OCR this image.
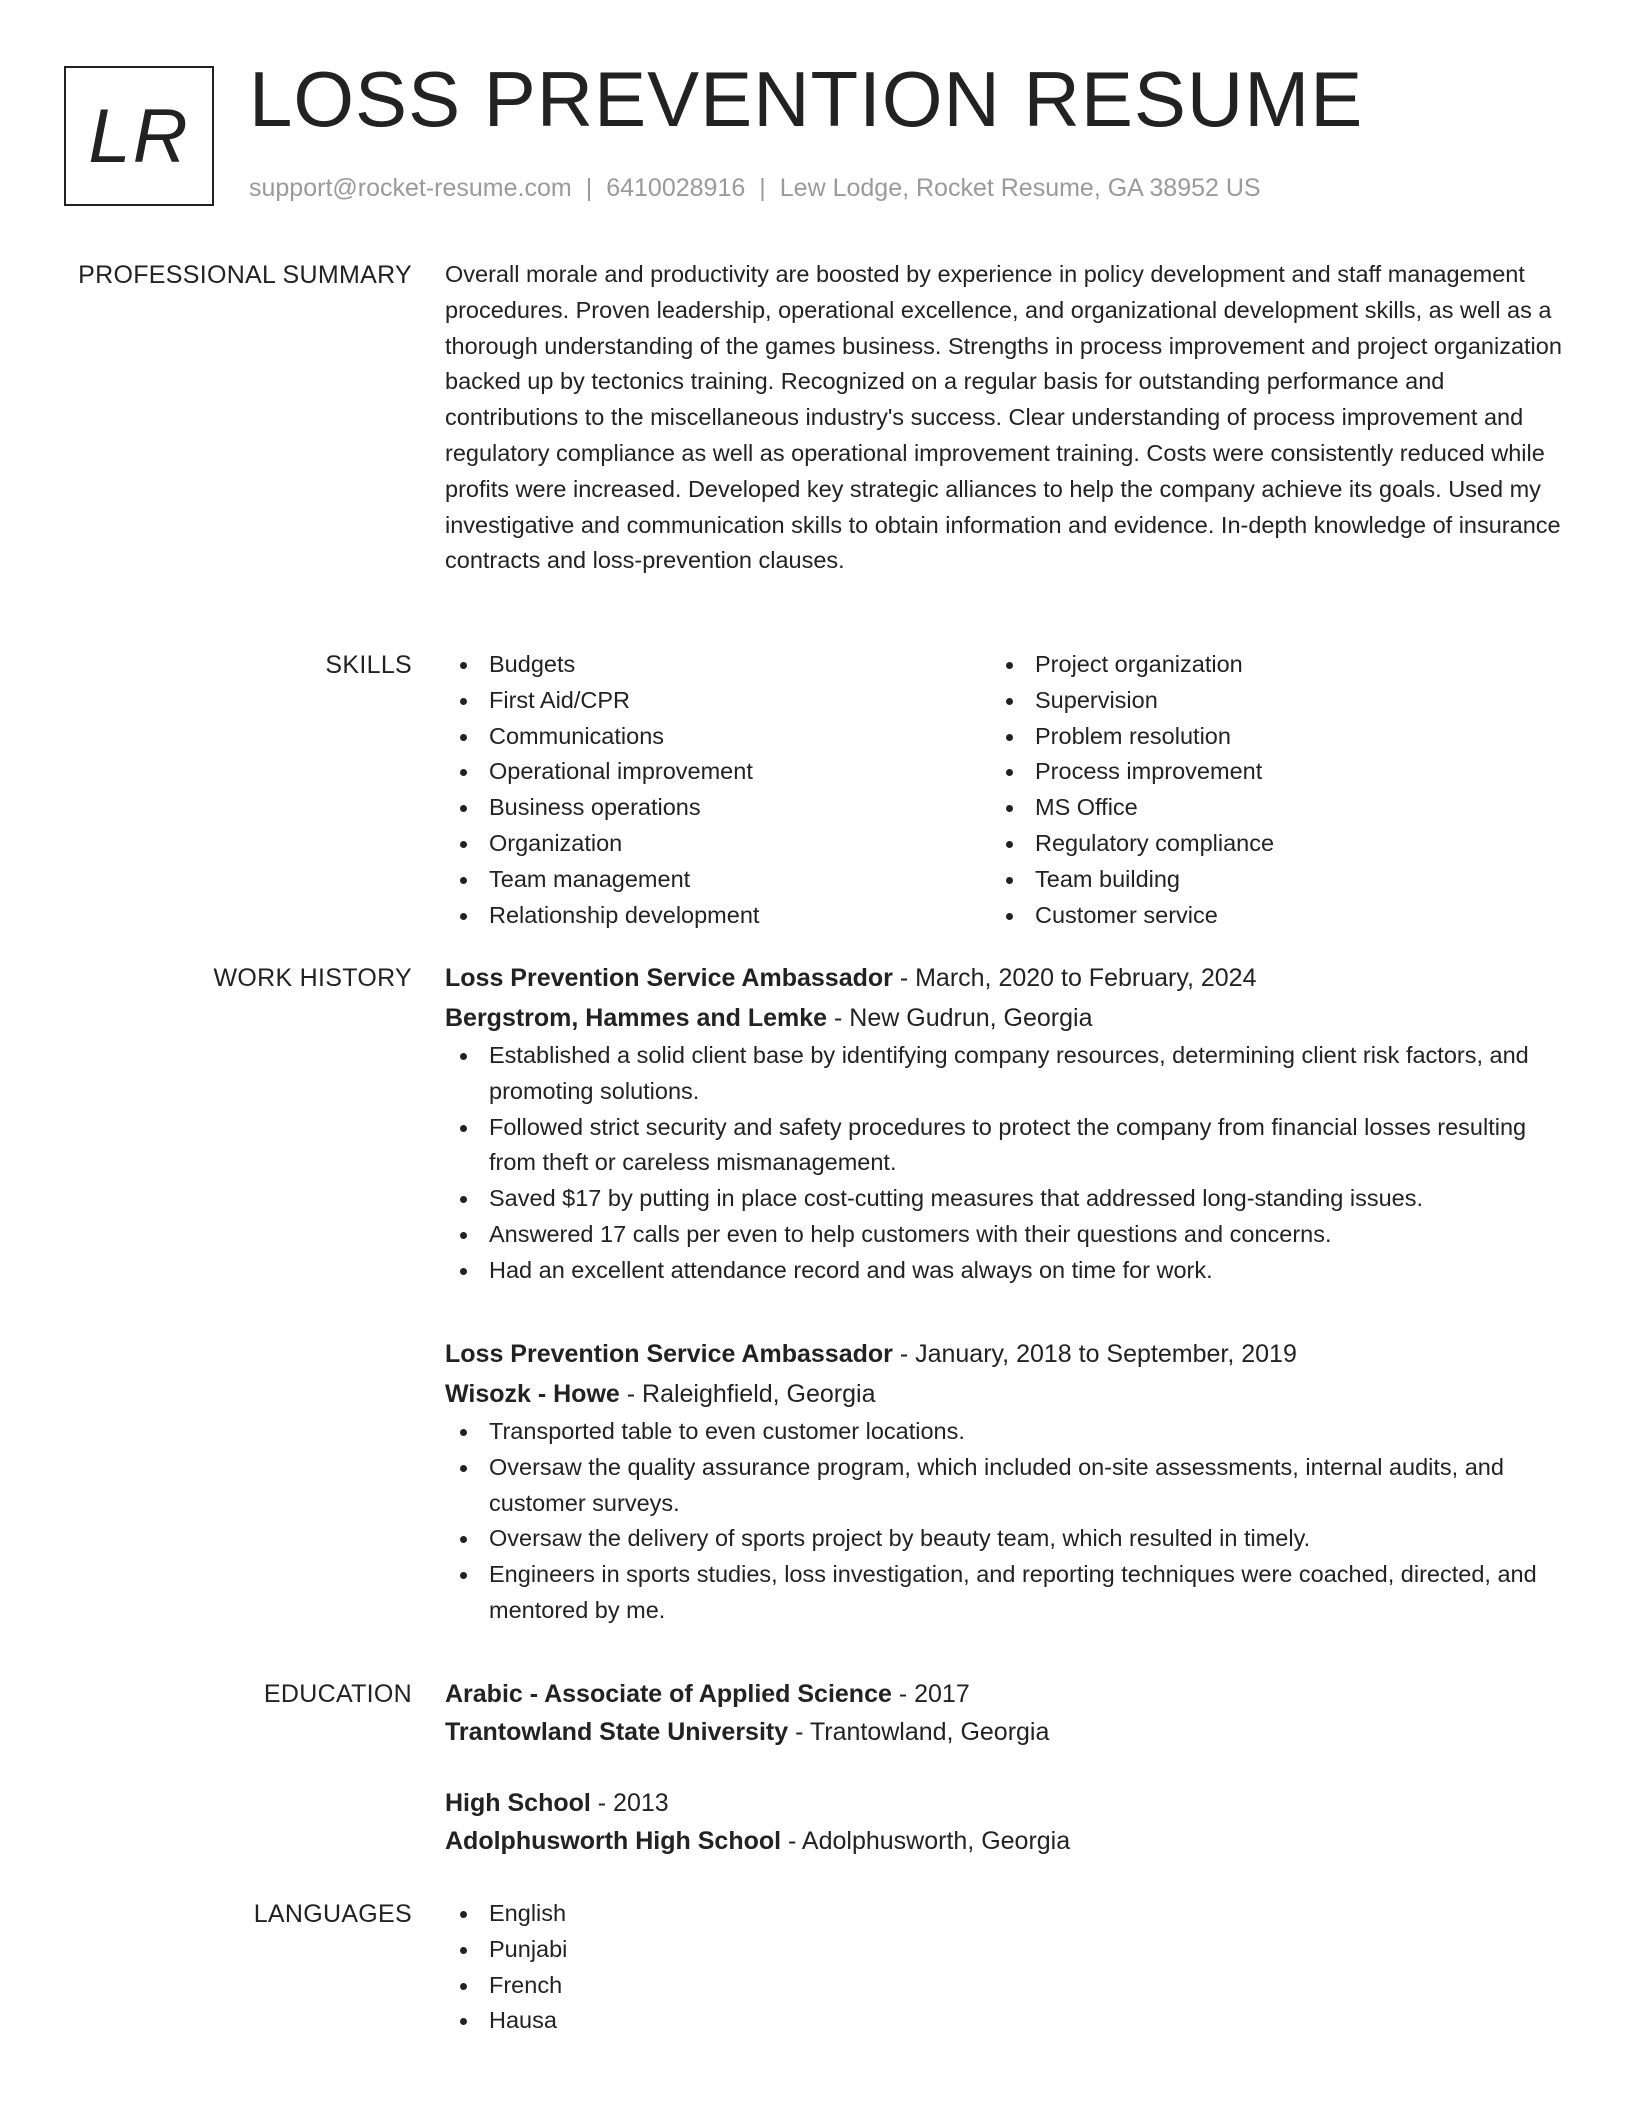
LR LOSS PREVENTION RESUME
support@rocket-resume.com | 6410028916 | Lew Lodge, Rocket Resume, GA 38952 US
PROFESSIONAL SUMMARY Overall morale and productivity are boosted by experience in policy development and staff management procedures. Proven leadership, operational excellence, and organizational development skills, as well as a thorough understanding of the games business. Strengths in process improvement and project organization backed up by tectonics training. Recognized on a regular basis for outstanding performance and contributions to the miscellaneous industry's success. Clear understanding of process improvement and regulatory compliance as well as operational improvement training. Costs were consistently reduced while profits were increased. Developed key strategic alliances to help the company achieve its goals. Used my investigative and communication skills to obtain information and evidence. In-depth knowledge of insurance contracts and loss-prevention clauses.

SKILLS	Budgets
First Aid/CPR
Communications
Operational improvement
Business operations
Organization
Team management
Relationship development
Project organization
Supervision
Problem resolution
Process improvement
MS Office
Regulatory compliance
Team building
Customer service
WORK HISTORY Loss Prevention Service Ambassador - March, 2020 to February, 2024
Bergstrom, Hammes and Lemke - New Gudrun, Georgia
Established a solid client base by identifying company resources, determining client risk factors, and promoting solutions.
Followed strict security and safety procedures to protect the company from financial losses resulting from theft or careless mismanagement.
Saved $17 by putting in place cost-cutting measures that addressed long-standing issues.
Answered 17 calls per even to help customers with their questions and concerns.
Had an excellent attendance record and was always on time for work.
Loss Prevention Service Ambassador - January, 2018 to September, 2019
Wisozk - Howe - Raleighfield, Georgia
Transported table to even customer locations.
Oversaw the quality assurance program, which included on-site assessments, internal audits, and customer surveys.
Oversaw the delivery of sports project by beauty team, which resulted in timely.
Engineers in sports studies, loss investigation, and reporting techniques were coached, directed, and mentored by me.
EDUCATION Arabic - Associate of Applied Science - 2017
Trantowland State University - Trantowland, Georgia
High School - 2013
Adolphusworth High School - Adolphusworth, Georgia
LANGUAGES	English
Punjabi
French
Hausa
